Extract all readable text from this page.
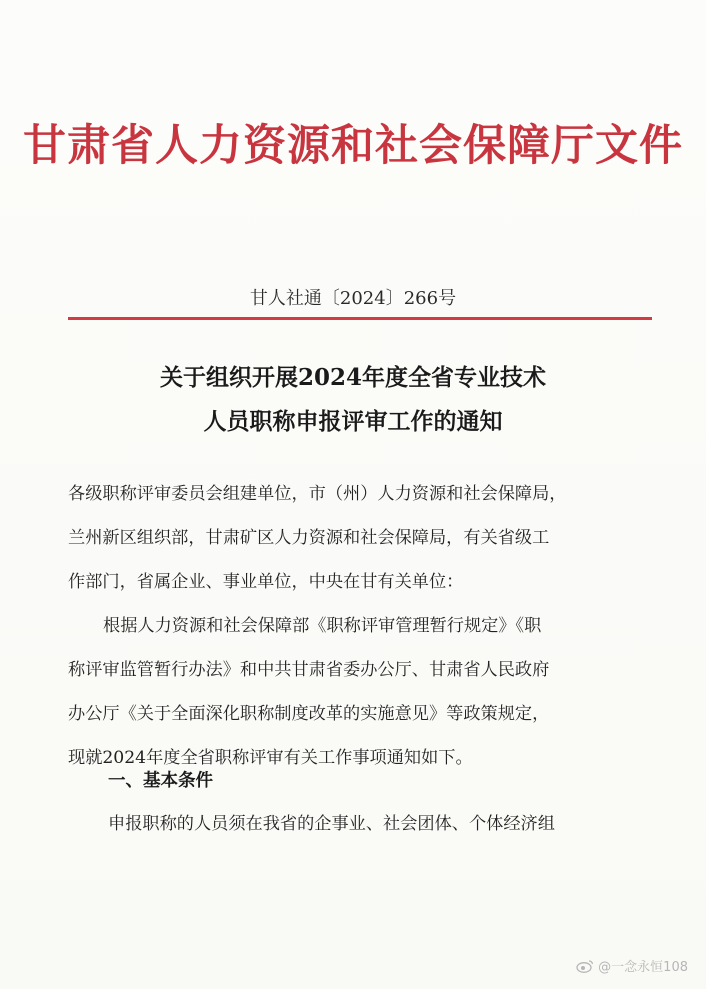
甘肃省人力资源和社会保障厅文件
甘人社通〔2024〕266号
关于组织开展2024年度全省专业技术
人员职称申报评审工作的通知
各级职称评审委员会组建单位，市（州）人力资源和社会保障局，
兰州新区组织部，甘肃矿区人力资源和社会保障局，有关省级工
作部门，省属企业、事业单位，中央在甘有关单位：
根据人力资源和社会保障部《职称评审管理暂行规定》《职
称评审监管暂行办法》和中共甘肃省委办公厅、甘肃省人民政府
办公厅《关于全面深化职称制度改革的实施意见》等政策规定，
现就2024年度全省职称评审有关工作事项通知如下。
一、基本条件
申报职称的人员须在我省的企事业、社会团体、个体经济组
@一念永恒108
